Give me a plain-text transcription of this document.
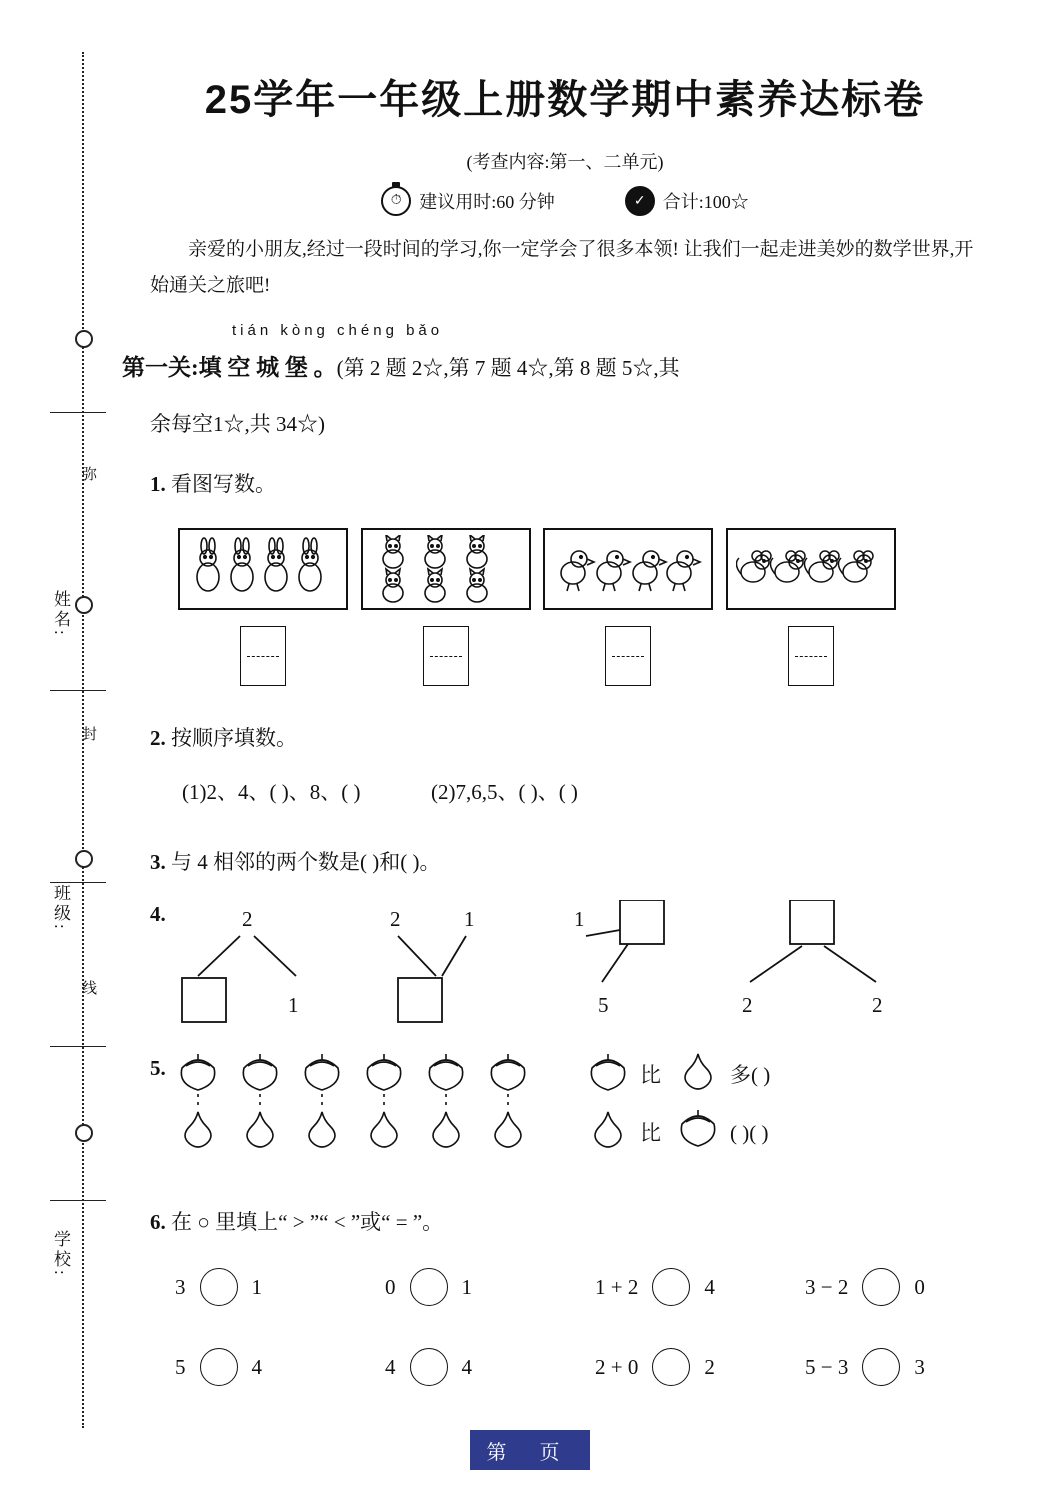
姓名:
班级:
学校:
弥
封
线
25学年一年级上册数学期中素养达标卷
(考查内容:第一、二单元)
⏱ 建议用时:60 分钟	✓ 合计:100☆
亲爱的小朋友,经过一段时间的学习,你一定学会了很多本领! 让我们一起走进美妙的数学世界,开始通关之旅吧!
tián kòng chéng bǎo
第一关:填 空 城 堡 。(第 2 题 2☆,第 7 题 4☆,第 8 题 5☆,其
余每空1☆,共 34☆)
1. 看图写数。
2. 按顺序填数。
(1)2、4、( )、8、( )	(2)7,6,5、( )、( )
3. 与 4 相邻的两个数是( )和( )。
4.	2
1
2	1	1
5	2	2
5.	比	多( )
比	( )( )
6. 在 ○ 里填上“ > ”“ < ”或“ = ”。
3	1	0	1	1 + 2	4	3 − 2	0
5	4	4	4	2 + 0	2	5 − 3	3
第 页
